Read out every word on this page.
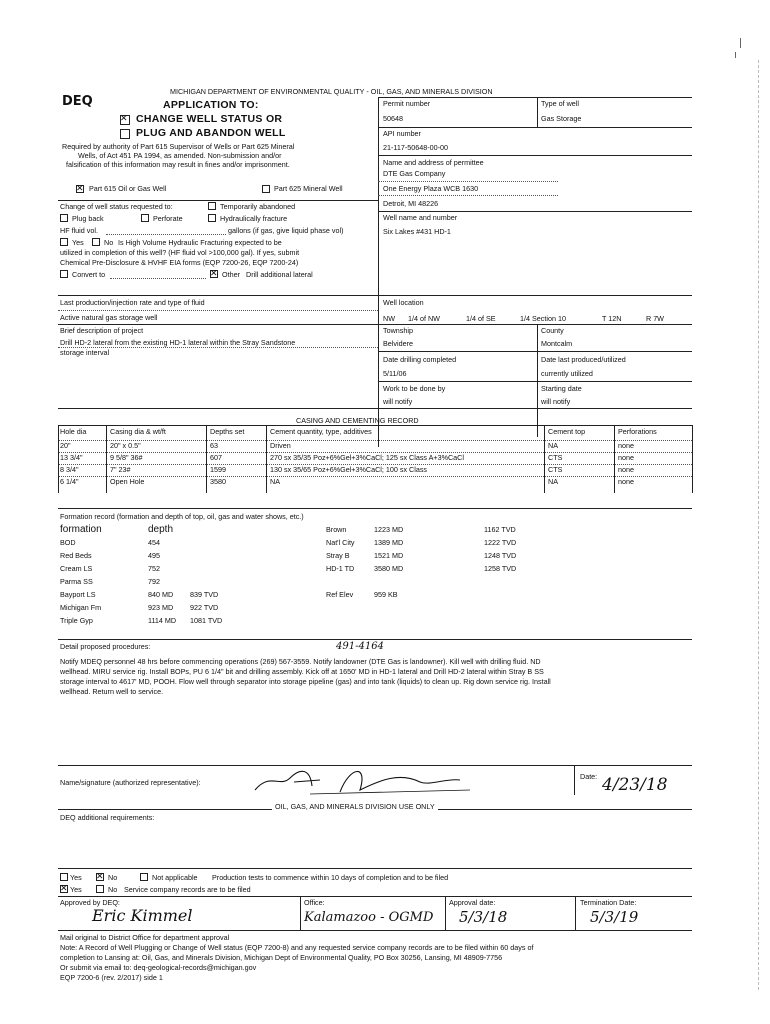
DEQ
MICHIGAN DEPARTMENT OF ENVIRONMENTAL QUALITY - OIL, GAS, AND MINERALS DIVISION
APPLICATION TO:
✕
CHANGE WELL STATUS OR
PLUG AND ABANDON WELL
Required by authority of Part 615 Supervisor of Wells or Part 625 Mineral
Wells, of Act 451 PA 1994, as amended. Non-submission and/or
falsification of this information may result in fines and/or imprisonment.
✕
Part 615 Oil or Gas Well	Part 625 Mineral Well
Permit number
50648
Type of well
Gas Storage
API number
21-117-50648-00-00
Name and address of permittee
DTE Gas Company
One Energy Plaza WCB 1630
Detroit, MI 48226
Well name and number
Six Lakes #431 HD-1
Change of well status requested to:	Temporarily abandoned
Plug back	Perforate	Hydraulically fracture
HF fluid vol.	gallons (if gas, give liquid phase vol)
Yes	No Is High Volume Hydraulic Fracturing expected to be
utilized in completion of this well? (HF fluid vol >100,000 gal). If yes, submit
Chemical Pre-Disclosure & HVHF EIA forms (EQP 7200-26, EQP 7200-24)
Convert to ✕	Other Drill additional lateral
Last production/injection rate and type of fluid	Well location
Active natural gas storage well	NW 1/4 of NW	1/4 of SE	1/4 Section 10	T 12N	R 7W
Brief description of project
Drill HD-2 lateral from the existing HD-1 lateral within the Stray Sandstone
storage interval
Township
Belvidere
County
Montcalm
Date drilling completed
5/11/06
Date last produced/utilized
currently utilized
Work to be done by
will notify
Starting date
will notify
CASING AND CEMENTING RECORD
Hole dia	Casing dia & wt/ft	Depths set	Cement quantity, type, additives	Cement top	Perforations
20"	20" x 0.5"	63	Driven	NA	none
13 3/4"	9 5/8" 36#	607	270 sx 35/35 Poz+6%Gel+3%CaCl; 125 sx Class A+3%CaCl	CTS	none
8 3/4"	7" 23#	1599	130 sx 35/65 Poz+6%Gel+3%CaCl; 100 sx Class	CTS	none
6 1/4"	Open Hole	3580	NA	NA	none
Formation record (formation and depth of top, oil, gas and water shows, etc.)
formation	depth
BOD	454
Red Beds	495
Cream LS	752
Parma SS	792
Bayport LS	840 MD 839 TVD
Michigan Fm	923 MD 922 TVD
Triple Gyp	1114 MD 1081 TVD
Brown	1223 MD	1162 TVD
Nat'l City	1389 MD	1222 TVD
Stray B	1521 MD	1248 TVD
HD-1 TD	3580 MD	1258 TVD
Ref Elev	959 KB
Detail proposed procedures:	491-4164
Notify MDEQ personnel 48 hrs before commencing operations (269) 567-3559. Notify landowner (DTE Gas is landowner). Kill well with drilling fluid. ND
wellhead. MIRU service rig. Install BOPs, PU 6 1/4" bit and drilling assembly. Kick off at 1650' MD in HD-1 lateral and Drill HD-2 lateral within Stray B SS
storage interval to 4617' MD, POOH. Flow well through separator into storage pipeline (gas) and into tank (liquids) to clean up. Rig down service rig. Install
wellhead. Return well to service.
Name/signature (authorized representative):
Date: 4/23/18
OIL, GAS, AND MINERALS DIVISION USE ONLY
DEQ additional requirements:
Yes ✕	No	Not applicable Production tests to commence within 10 days of completion and to be filed
✕
Yes	No Service company records are to be filed
Approved by DEQ:
Eric Kimmel
Office:
Kalamazoo - OGMD
Approval date:
5/3/18
Termination Date:
5/3/19
Mail original to District Office for department approval
Note: A Record of Well Plugging or Change of Well status (EQP 7200-8) and any requested service company records are to be filed within 60 days of
completion to Lansing at: Oil, Gas, and Minerals Division, Michigan Dept of Environmental Quality, PO Box 30256, Lansing, MI 48909-7756
Or submit via email to: deq-geological-records@michigan.gov
EQP 7200-6 (rev. 2/2017) side 1
